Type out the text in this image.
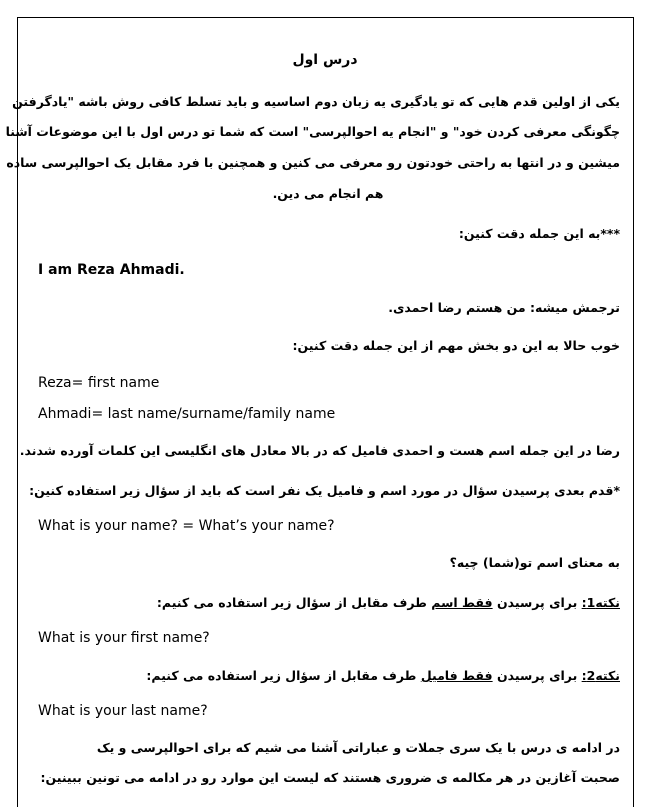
درس اول
یکی از اولین قدم هایی که تو یادگیری یه زبان دوم اساسیه و باید تسلط کافی روش باشه "یادگرفتن
چگونگی معرفی کردن خود" و "انجام یه احوالپرسی" است که شما تو درس اول با این موضوعات آشنا
میشین و در انتها به راحتی خودتون رو معرفی می کنین و همچنین با فرد مقابل یک احوالپرسی ساده
هم انجام می دین.
***به این جمله دقت کنین:
I am Reza Ahmadi.
ترجمش میشه: من هستم رضا احمدی.
خوب حالا به این دو بخش مهم از این جمله دقت کنین:
Reza= first name
Ahmadi= last name/surname/family name
رضا در این جمله اسم هست و احمدی فامیل که در بالا معادل های انگلیسی این کلمات آورده شدند.
*قدم بعدی پرسیدن سؤال در مورد اسم و فامیل یک نفر است که باید از سؤال زیر استفاده کنین:
What is your name? = What’s your name?
به معنای اسم تو(شما) چیه؟
نکته1: برای پرسیدن فقط اسم طرف مقابل از سؤال زیر استفاده می کنیم:
What is your first name?
نکته2: برای پرسیدن فقط فامیل طرف مقابل از سؤال زیر استفاده می کنیم:
What is your last name?
در ادامه ی درس با یک سری جملات و عباراتی آشنا می شیم که برای احوالپرسی و یک
صحبت آغازین در هر مکالمه ی ضروری هستند که لیست این موارد رو در ادامه می تونین ببینین:
